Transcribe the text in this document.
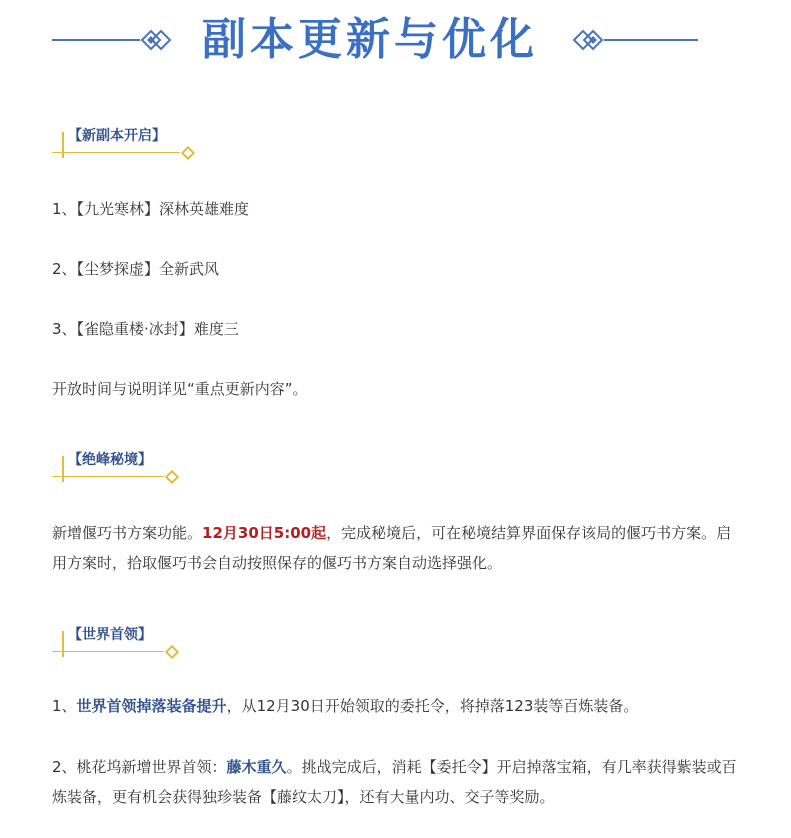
副本更新与优化
【新副本开启】

1、【九光寒林】深林英雄难度

2、【尘梦探虚】全新武风

3、【雀隐重楼·冰封】难度三

开放时间与说明详见“重点更新内容”。

【绝峰秘境】

新增偃巧书方案功能。12月30日5:00起，完成秘境后，可在秘境结算界面保存该局的偃巧书方案。启用方案时，拾取偃巧书会自动按照保存的偃巧书方案自动选择强化。

【世界首领】

1、世界首领掉落装备提升，从12月30日开始领取的委托令，将掉落123装等百炼装备。

2、桃花坞新增世界首领：藤木重久。挑战完成后，消耗【委托令】开启掉落宝箱，有几率获得紫装或百炼装备，更有机会获得独珍装备【藤纹太刀】，还有大量内功、交子等奖励。
